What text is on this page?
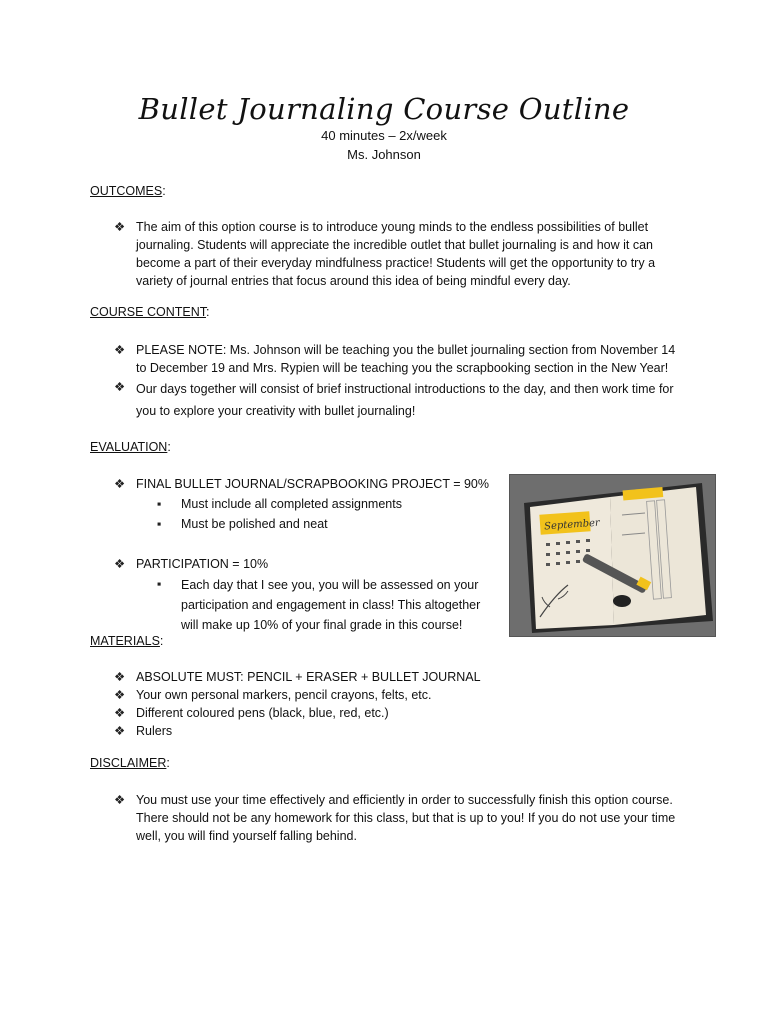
Bullet Journaling Course Outline
40 minutes – 2x/week
Ms. Johnson
OUTCOMES:
❖ The aim of this option course is to introduce young minds to the endless possibilities of bullet journaling. Students will appreciate the incredible outlet that bullet journaling is and how it can become a part of their everyday mindfulness practice! Students will get the opportunity to try a variety of journal entries that focus around this idea of being mindful every day.
COURSE CONTENT:
❖ PLEASE NOTE: Ms. Johnson will be teaching you the bullet journaling section from November 14 to December 19 and Mrs. Rypien will be teaching you the scrapbooking section in the New Year!
❖ Our days together will consist of brief instructional introductions to the day, and then work time for you to explore your creativity with bullet journaling!
EVALUATION:
❖ FINAL BULLET JOURNAL/SCRAPBOOKING PROJECT = 90%
▪ Must include all completed assignments
▪ Must be polished and neat
❖ PARTICIPATION = 10%
▪ Each day that I see you, you will be assessed on your participation and engagement in class! This altogether will make up 10% of your final grade in this course!
September
MATERIALS:
❖ ABSOLUTE MUST: PENCIL + ERASER + BULLET JOURNAL
❖ Your own personal markers, pencil crayons, felts, etc.
❖ Different coloured pens (black, blue, red, etc.)
❖ Rulers
DISCLAIMER:
❖ You must use your time effectively and efficiently in order to successfully finish this option course. There should not be any homework for this class, but that is up to you! If you do not use your time well, you will find yourself falling behind.
